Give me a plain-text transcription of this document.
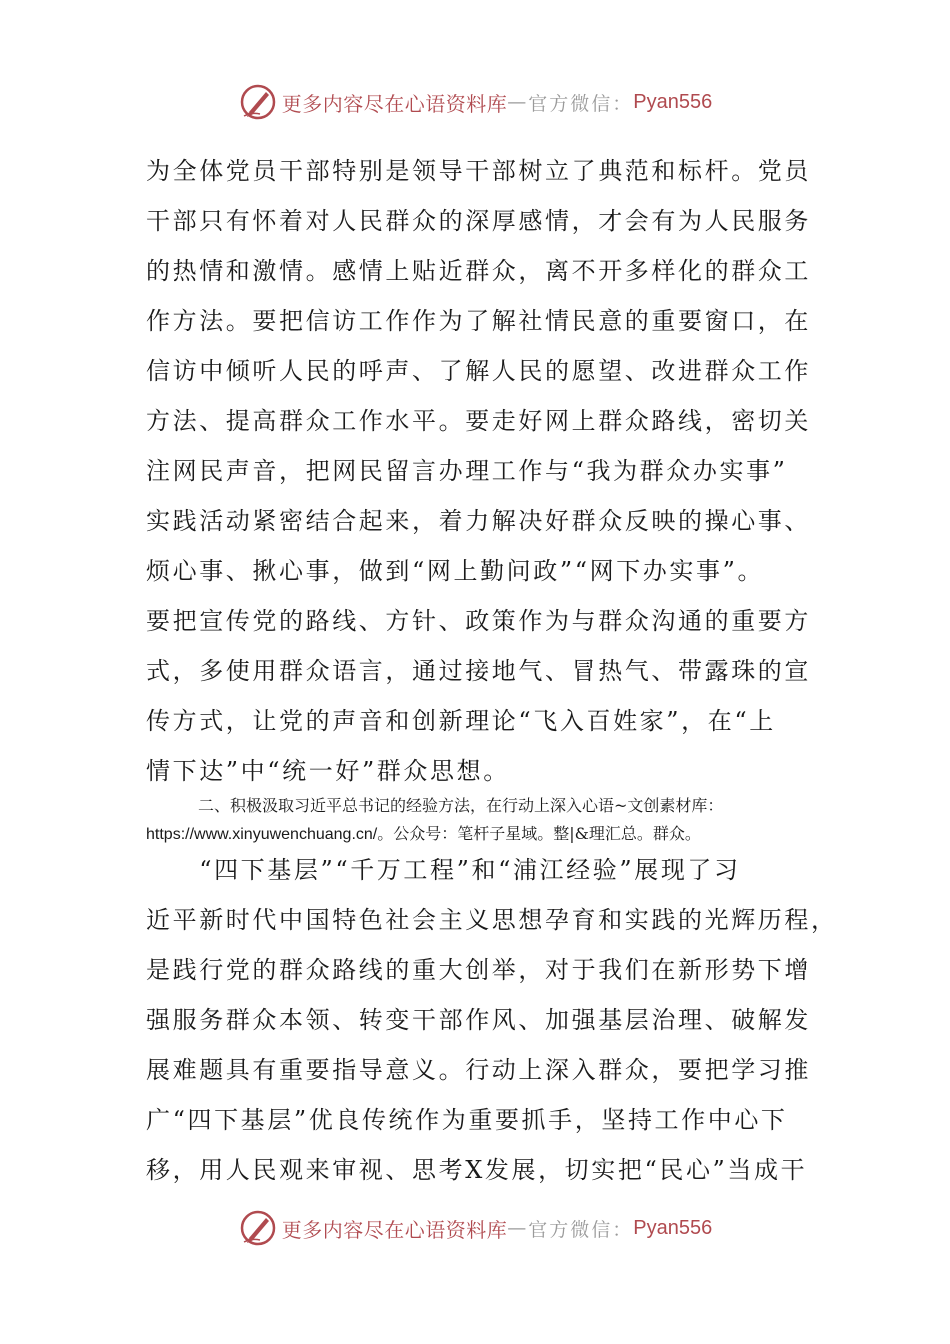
更多内容尽在心语资料库 — 官方微信： Pyan556
为全体党员干部特别是领导干部树立了典范和标杆。党员
干部只有怀着对人民群众的深厚感情，才会有为人民服务
的热情和激情。感情上贴近群众，离不开多样化的群众工
作方法。要把信访工作作为了解社情民意的重要窗口，在
信访中倾听人民的呼声、了解人民的愿望、改进群众工作
方法、提高群众工作水平。要走好网上群众路线，密切关
注网民声音，把网民留言办理工作与“我为群众办实事”
实践活动紧密结合起来，着力解决好群众反映的操心事、
烦心事、揪心事，做到“网上勤问政”“网下办实事”。
要把宣传党的路线、方针、政策作为与群众沟通的重要方
式，多使用群众语言，通过接地气、冒热气、带露珠的宣
传方式，让党的声音和创新理论“飞入百姓家”，在“上
情下达”中“统一好”群众思想。
二、积极汲取习近平总书记的经验方法，在行动上深入心语~文创素材库：
https://www.xinyuwenchuang.cn/。公众号：笔杆子星域。整|&理汇总。群众。
　　“四下基层”“千万工程”和“浦江经验”展现了习
近平新时代中国特色社会主义思想孕育和实践的光辉历程，
是践行党的群众路线的重大创举，对于我们在新形势下增
强服务群众本领、转变干部作风、加强基层治理、破解发
展难题具有重要指导意义。行动上深入群众，要把学习推
广“四下基层”优良传统作为重要抓手，坚持工作中心下
移，用人民观来审视、思考X发展，切实把“民心”当成干
更多内容尽在心语资料库 — 官方微信： Pyan556
